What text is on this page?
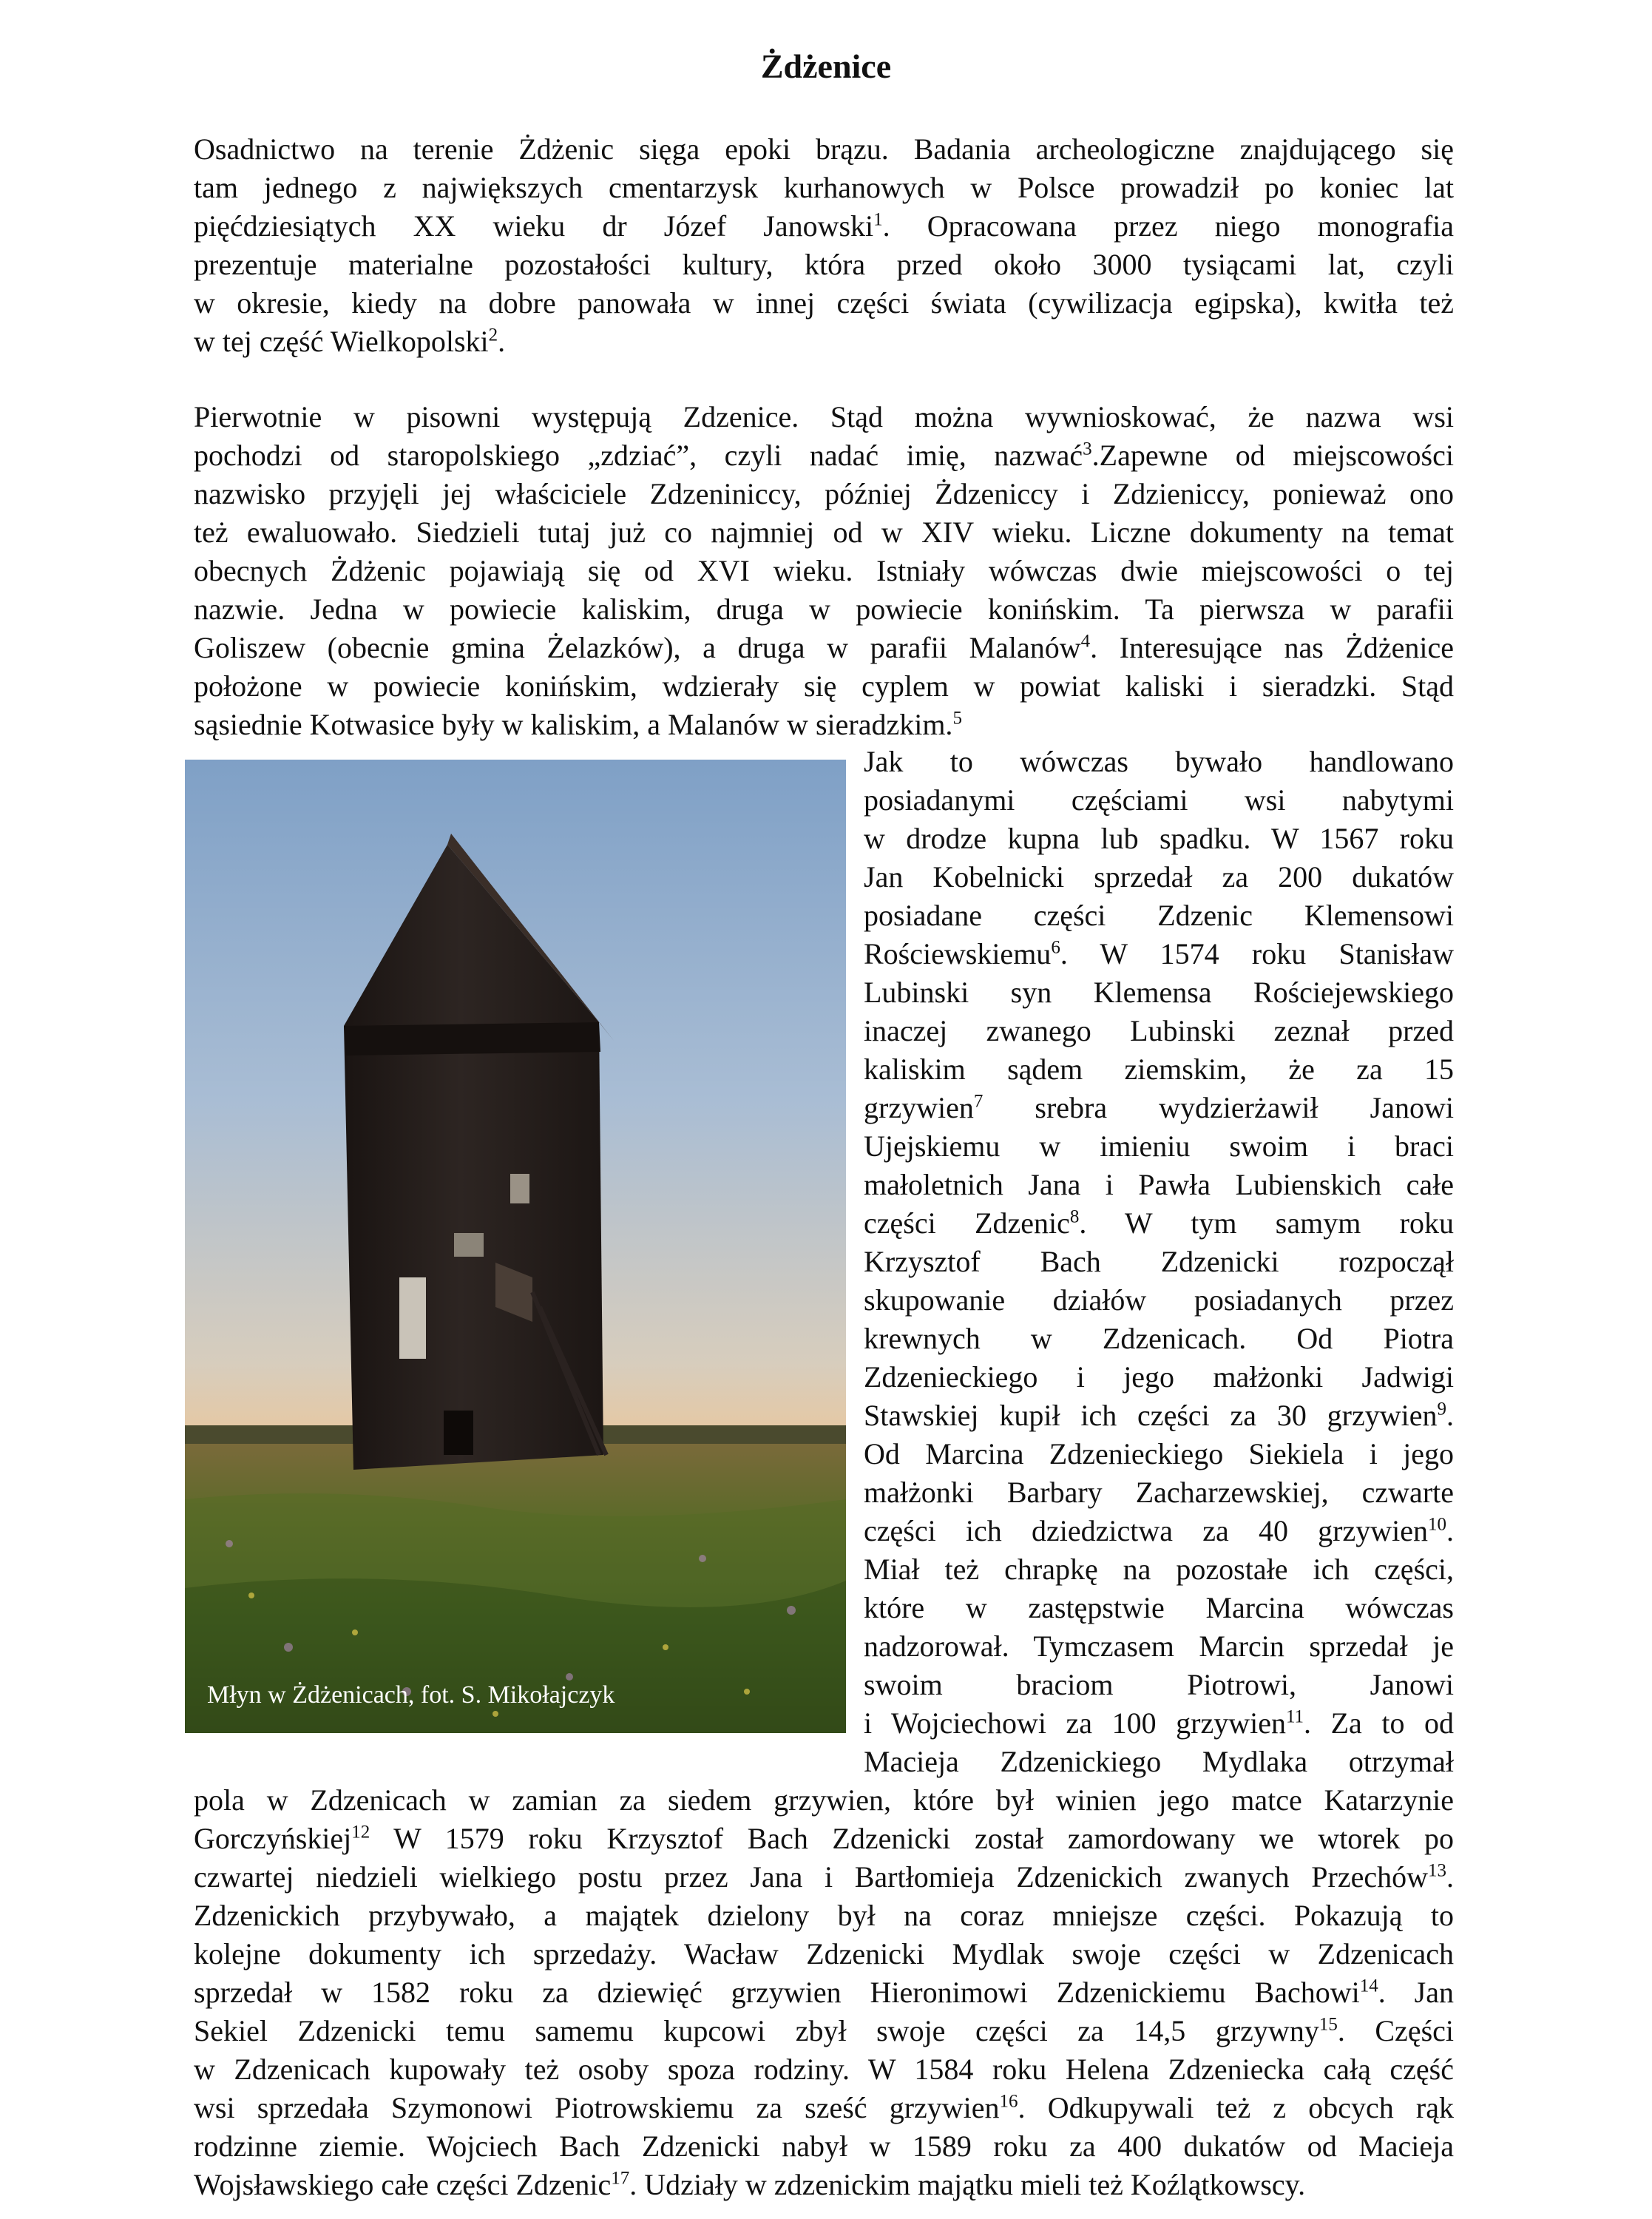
Żdżenice
Osadnictwo na terenie Żdżenic sięga epoki brązu. Badania archeologiczne znajdującego się
tam jednego z największych cmentarzysk kurhanowych w Polsce prowadził po koniec lat
pięćdziesiątych XX wieku dr Józef Janowski$^1$. Opracowana przez niego monografia
prezentuje materialne pozostałości kultury, która przed około 3000 tysiącami lat, czyli
w okresie, kiedy na dobre panowała w innej części świata (cywilizacja egipska), kwitła też
w tej część Wielkopolski$^2$.
Pierwotnie w pisowni występują Zdzenice. Stąd można wywnioskować, że nazwa wsi
pochodzi od staropolskiego „zdziać”, czyli nadać imię, nazwać$^3$.Zapewne od miejscowości
nazwisko przyjęli jej właściciele Zdzeniniccy, później Żdzeniccy i Zdzieniccy, ponieważ ono
też ewaluowało. Siedzieli tutaj już co najmniej od w XIV wieku. Liczne dokumenty na temat
obecnych Żdżenic pojawiają się od XVI wieku. Istniały wówczas dwie miejscowości o tej
nazwie. Jedna w powiecie kaliskim, druga w powiecie konińskim. Ta pierwsza w parafii
Goliszew (obecnie gmina Żelazków), a druga w parafii Malanów$^4$. Interesujące nas Żdżenice
położone w powiecie konińskim, wdzierały się cyplem w powiat kaliski i sieradzki. Stąd
sąsiednie Kotwasice były w kaliskim, a Malanów w sieradzkim.$^5$
Jak to wówczas bywało handlowano
posiadanymi częściami wsi nabytymi
w drodze kupna lub spadku. W 1567 roku
Jan Kobelnicki sprzedał za 200 dukatów
posiadane części Zdzenic Klemensowi
Rościewskiemu$^6$. W 1574 roku Stanisław
Lubinski syn Klemensa Rościejewskiego
inaczej zwanego Lubinski zeznał przed
kaliskim sądem ziemskim, że za 15
grzywien$^7$ srebra wydzierżawił Janowi
Ujejskiemu w imieniu swoim i braci
małoletnich Jana i Pawła Lubienskich całe
części Zdzenic$^8$. W tym samym roku
Krzysztof Bach Zdzenicki rozpoczął
skupowanie działów posiadanych przez
krewnych w Zdzenicach. Od Piotra
Zdzenieckiego i jego małżonki Jadwigi
Stawskiej kupił ich części za 30 grzywien$^9$.
Od Marcina Zdzenieckiego Siekiela i jego
małżonki Barbary Zacharzewskiej, czwarte
części ich dziedzictwa za 40 grzywien$^{10}$.
Miał też chrapkę na pozostałe ich części,
które w zastępstwie Marcina wówczas
nadzorował. Tymczasem Marcin sprzedał je
swoim braciom Piotrowi, Janowi
i Wojciechowi za 100 grzywien$^{11}$. Za to od
Macieja Zdzenickiego Mydlaka otrzymał
pola w Zdzenicach w zamian za siedem grzywien, które był winien jego matce Katarzynie
Gorczyńskiej$^{12}$ W 1579 roku Krzysztof Bach Zdzenicki został zamordowany we wtorek po
czwartej niedzieli wielkiego postu przez Jana i Bartłomieja Zdzenickich zwanych Przechów$^{13}$.
Zdzenickich przybywało, a majątek dzielony był na coraz mniejsze części. Pokazują to
kolejne dokumenty ich sprzedaży. Wacław Zdzenicki Mydlak swoje części w Zdzenicach
sprzedał w 1582 roku za dziewięć grzywien Hieronimowi Zdzenickiemu Bachowi$^{14}$. Jan
Sekiel Zdzenicki temu samemu kupcowi zbył swoje części za 14,5 grzywny$^{15}$. Części
w Zdzenicach kupowały też osoby spoza rodziny. W 1584 roku Helena Zdzeniecka całą część
wsi sprzedała Szymonowi Piotrowskiemu za sześć grzywien$^{16}$. Odkupywali też z obcych rąk
rodzinne ziemie. Wojciech Bach Zdzenicki nabył w 1589 roku za 400 dukatów od Macieja
Wojsławskiego całe części Zdzenic$^{17}$. Udziały w zdzenickim majątku mieli też Koźlątkowscy.
Młyn w Żdżenicach, fot. S. Mikołajczyk
